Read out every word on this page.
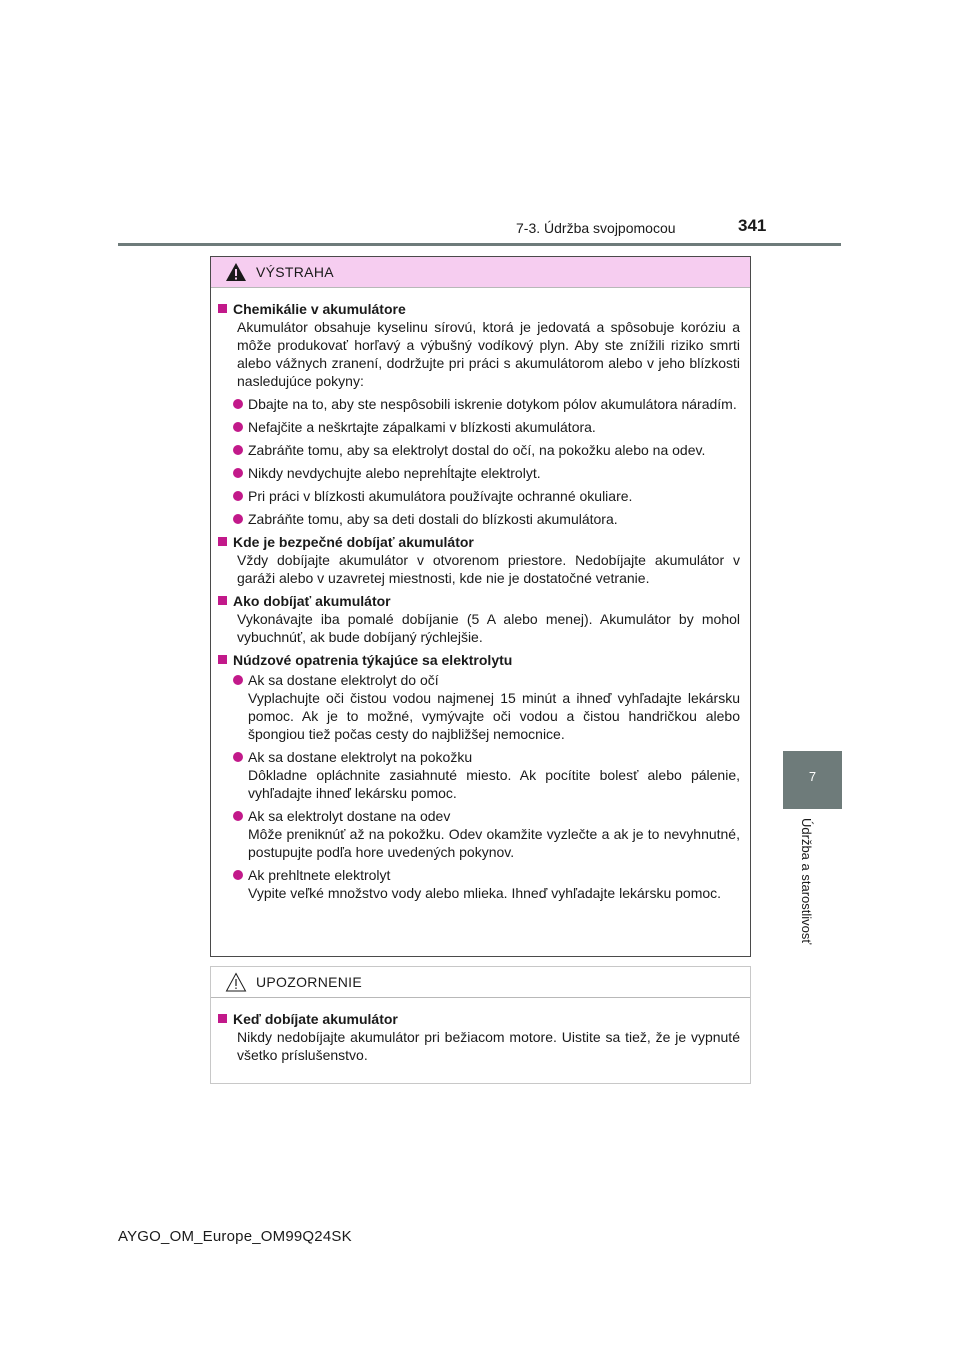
7-3. Údržba svojpomocou	341
7
Údržba a starostlivosť
VÝSTRAHA
Chemikálie v akumulátore
Akumulátor obsahuje kyselinu sírovú, ktorá je jedovatá a spôsobuje koróziu a môže produkovať horľavý a výbušný vodíkový plyn. Aby ste znížili riziko smrti alebo vážnych zranení, dodržujte pri práci s akumulátorom alebo v jeho blízkosti nasledujúce pokyny:
Dbajte na to, aby ste nespôsobili iskrenie dotykom pólov akumulátora náradím.
Nefajčite a neškrtajte zápalkami v blízkosti akumulátora.
Zabráňte tomu, aby sa elektrolyt dostal do očí, na pokožku alebo na odev.
Nikdy nevdychujte alebo neprehĺtajte elektrolyt.
Pri práci v blízkosti akumulátora používajte ochranné okuliare.
Zabráňte tomu, aby sa deti dostali do blízkosti akumulátora.
Kde je bezpečné dobíjať akumulátor
Vždy dobíjajte akumulátor v otvorenom priestore. Nedobíjajte akumulátor v garáži alebo v uzavretej miestnosti, kde nie je dostatočné vetranie.
Ako dobíjať akumulátor
Vykonávajte iba pomalé dobíjanie (5 A alebo menej). Akumulátor by mohol vybuchnúť, ak bude dobíjaný rýchlejšie.
Núdzové opatrenia týkajúce sa elektrolytu
Ak sa dostane elektrolyt do očí
Vyplachujte oči čistou vodou najmenej 15 minút a ihneď vyhľadajte lekársku pomoc. Ak je to možné, vymývajte oči vodou a čistou handričkou alebo špongiou tiež počas cesty do najbližšej nemocnice.
Ak sa dostane elektrolyt na pokožku
Dôkladne opláchnite zasiahnuté miesto. Ak pocítite bolesť alebo pálenie, vyhľadajte ihneď lekársku pomoc.
Ak sa elektrolyt dostane na odev
Môže preniknúť až na pokožku. Odev okamžite vyzlečte a ak je to nevyhnutné, postupujte podľa hore uvedených pokynov.
Ak prehltnete elektrolyt
Vypite veľké množstvo vody alebo mlieka. Ihneď vyhľadajte lekársku pomoc.
UPOZORNENIE
Keď dobíjate akumulátor
Nikdy nedobíjajte akumulátor pri bežiacom motore. Uistite sa tiež, že je vypnuté všetko príslušenstvo.
AYGO_OM_Europe_OM99Q24SK
